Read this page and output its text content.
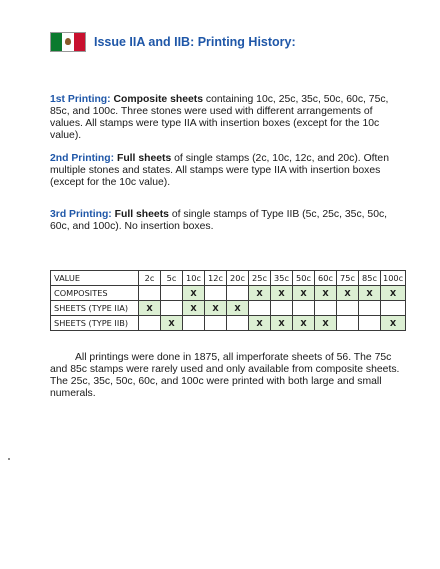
Issue IIA and IIB: Printing History:
1st Printing: Composite sheets containing 10c, 25c, 35c, 50c, 60c, 75c, 85c, and 100c. Three stones were used with different arrangements of values. All stamps were type IIA with insertion boxes (except for the 10c value).
2nd Printing: Full sheets of single stamps (2c, 10c, 12c, and 20c). Often multiple stones and states. All stamps were type IIA with insertion boxes (except for the 10c value).
3rd Printing: Full sheets of single stamps of Type IIB (5c, 25c, 35c, 50c, 60c, and 100c). No insertion boxes.
VALUE	2c	5c	10c	12c	20c	25c	35c	50c	60c	75c	85c	100c
COMPOSITES			X			X	X	X	X	X	X	X
SHEETS (TYPE IIA)	X		X	X	X							
SHEETS (TYPE IIB)		X				X	X	X	X			X
All printings were done in 1875, all imperforate sheets of 56. The 75c and 85c stamps were rarely used and only available from composite sheets. The 25c, 35c, 50c, 60c, and 100c were printed with both large and small numerals.
